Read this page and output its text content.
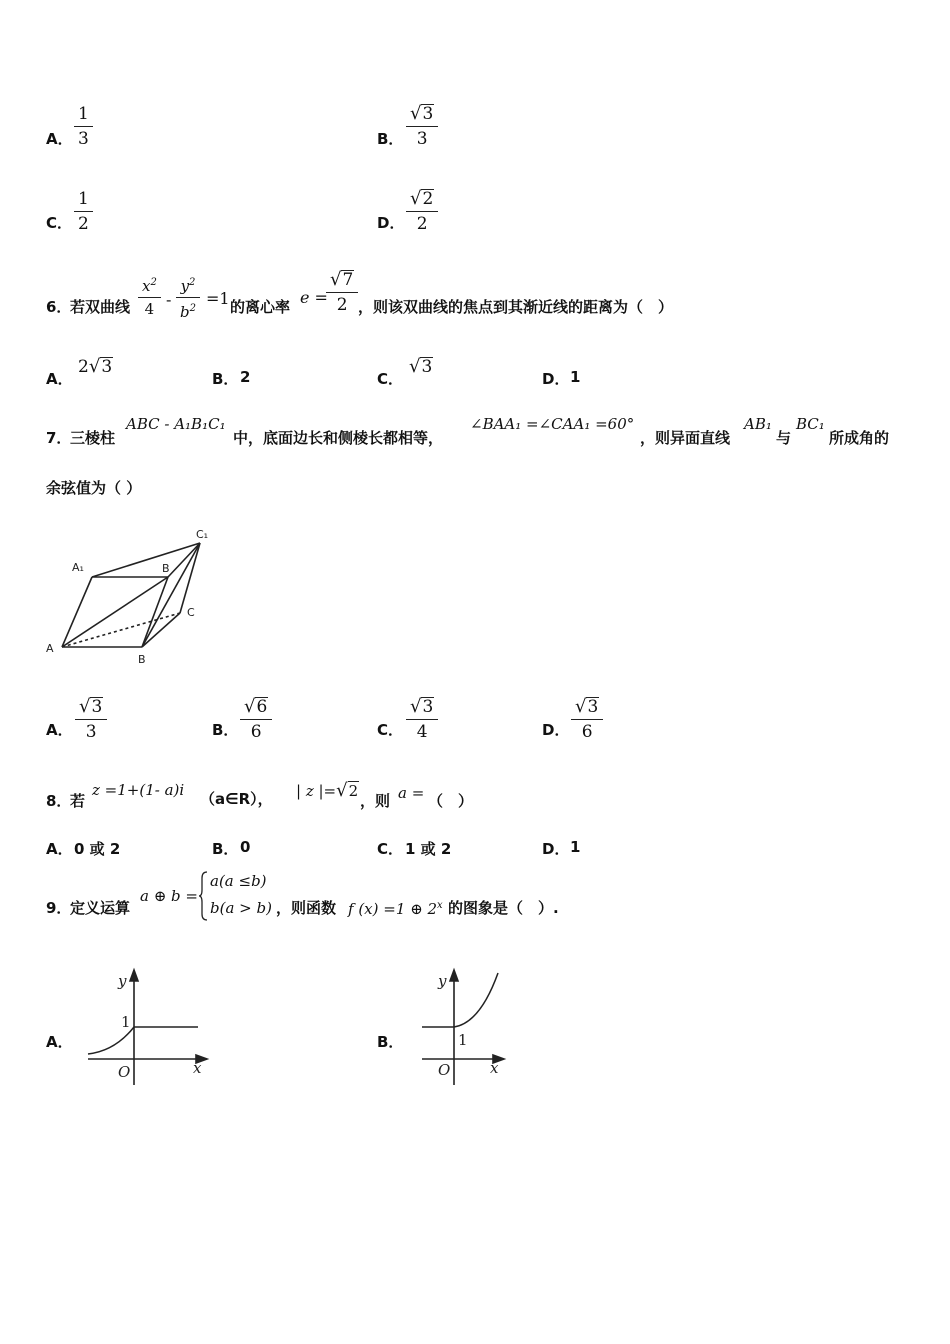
A．
1
3	B．
√ 3
3
C．
1
2	D．
√ 2
2
6．
若双曲线
$x^2$
4 -
$y^2$
$b^2$
=1 的离心率 e =
√ 7
2 ，则该双曲线的焦点到其渐近线的距离为（　）
A．
2 √ 3
B． 2	C．
√ 3
D． 1
7．
三棱柱
ABC - A₁B₁C₁
中，底面边长和侧棱长都相等，
∠BAA₁ =∠CAA₁ =60°
，则异面直线
AB₁
与
BC₁
所成角的
余弦值为（ ）
A₁	B
C₁
A
B
C
A．
√ 3
3	B．
√ 6
6	C．
√ 3
4	D．
√ 3
6
8．
若
z =1+(1- a)i （a∈R）， | z |= √ 2
，则 a = （　）
A． 0 或 2	B． 0	C． 1 或 2	D． 1
9．
定义运算
a ⊕ b =
a(a ≤b)
b(a > b) ，则函数 f (x) =1 ⊕ 2$^x$ 的图象是（　）.
A．
y
x
O
1
B．
y
x
O
1
